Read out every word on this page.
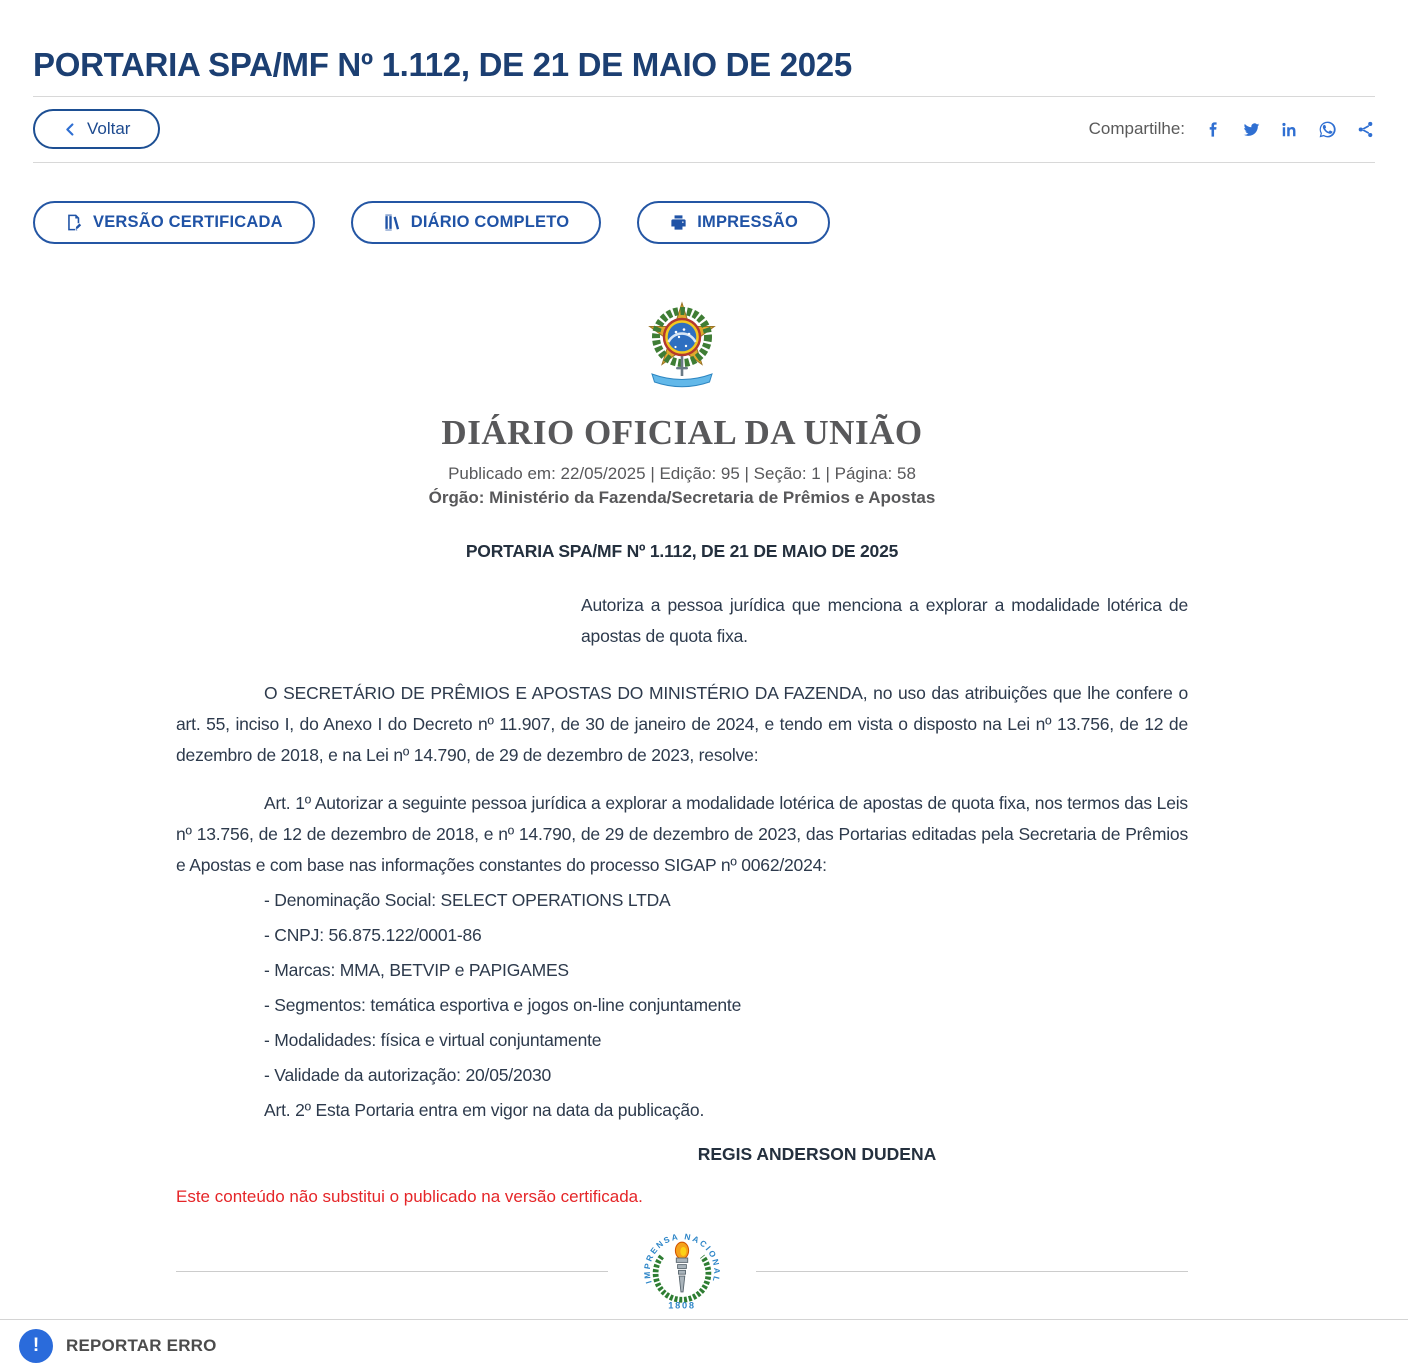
PORTARIA SPA/MF Nº 1.112, DE 21 DE MAIO DE 2025
Voltar	Compartilhe:
VERSÃO CERTIFICADA	DIÁRIO COMPLETO	IMPRESSÃO
DIÁRIO OFICIAL DA UNIÃO
Publicado em: 22/05/2025 | Edição: 95 | Seção: 1 | Página: 58
Órgão: Ministério da Fazenda/Secretaria de Prêmios e Apostas
PORTARIA SPA/MF Nº 1.112, DE 21 DE MAIO DE 2025

Autoriza a pessoa jurídica que menciona a explorar a modalidade lotérica de apostas de quota fixa.

O SECRETÁRIO DE PRÊMIOS E APOSTAS DO MINISTÉRIO DA FAZENDA, no uso das atribuições que lhe confere o art. 55, inciso I, do Anexo I do Decreto nº 11.907, de 30 de janeiro de 2024, e tendo em vista o disposto na Lei nº 13.756, de 12 de dezembro de 2018, e na Lei nº 14.790, de 29 de dezembro de 2023, resolve:

Art. 1º Autorizar a seguinte pessoa jurídica a explorar a modalidade lotérica de apostas de quota fixa, nos termos das Leis nº 13.756, de 12 de dezembro de 2018, e nº 14.790, de 29 de dezembro de 2023, das Portarias editadas pela Secretaria de Prêmios e Apostas e com base nas informações constantes do processo SIGAP nº 0062/2024:

- Denominação Social: SELECT OPERATIONS LTDA

- CNPJ: 56.875.122/0001-86

- Marcas: MMA, BETVIP e PAPIGAMES

- Segmentos: temática esportiva e jogos on-line conjuntamente

- Modalidades: física e virtual conjuntamente

- Validade da autorização: 20/05/2030

Art. 2º Esta Portaria entra em vigor na data da publicação.

REGIS ANDERSON DUDENA
Este conteúdo não substitui o publicado na versão certificada.
IMPRENSA NACIONAL
1808
!	REPORTAR ERRO
